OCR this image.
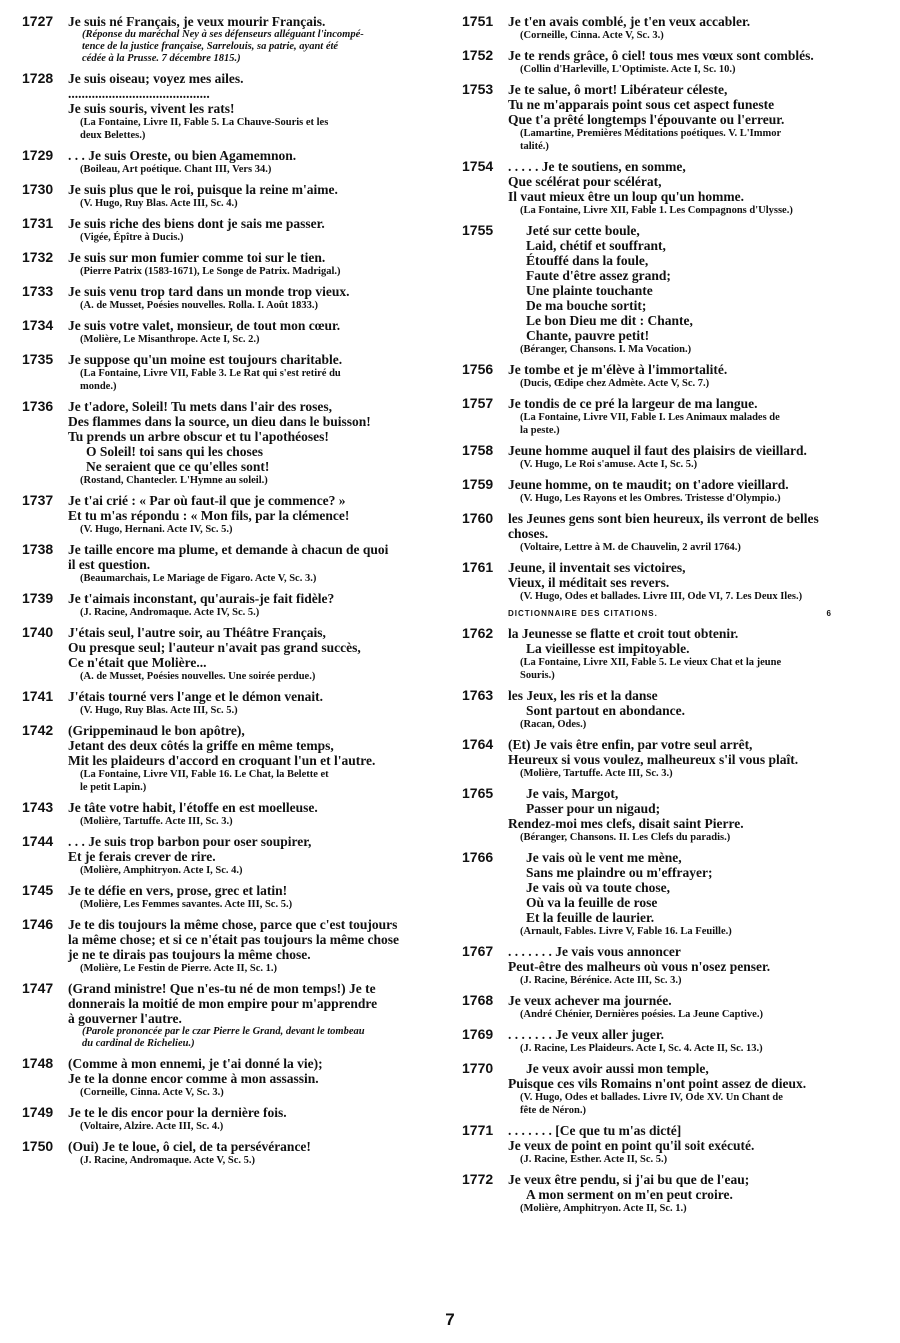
1727	Je suis né Français, je veux mourir Français.
(Réponse du maréchal Ney à ses défenseurs alléguant l'incompé-
tence de la justice française, Sarrelouis, sa patrie, ayant été
cédée à la Prusse. 7 décembre 1815.)
1728	Je suis oiseau; voyez mes ailes.
..........................................
Je suis souris, vivent les rats!
(La Fontaine, Livre II, Fable 5. La Chauve-Souris et les
deux Belettes.)
1729	. . . Je suis Oreste, ou bien Agamemnon.
(Boileau, Art poétique. Chant III, Vers 34.)
1730	Je suis plus que le roi, puisque la reine m'aime.
(V. Hugo, Ruy Blas. Acte III, Sc. 4.)
1731	Je suis riche des biens dont je sais me passer.
(Vigée, Épître à Ducis.)
1732	Je suis sur mon fumier comme toi sur le tien.
(Pierre Patrix (1583-1671), Le Songe de Patrix. Madrigal.)
1733	Je suis venu trop tard dans un monde trop vieux.
(A. de Musset, Poésies nouvelles. Rolla. I. Août 1833.)
1734	Je suis votre valet, monsieur, de tout mon cœur.
(Molière, Le Misanthrope. Acte I, Sc. 2.)
1735	Je suppose qu'un moine est toujours charitable.
(La Fontaine, Livre VII, Fable 3. Le Rat qui s'est retiré du
monde.)
1736	Je t'adore, Soleil! Tu mets dans l'air des roses,
Des flammes dans la source, un dieu dans le buisson!
Tu prends un arbre obscur et tu l'apothéoses!
O Soleil! toi sans qui les choses
Ne seraient que ce qu'elles sont!
(Rostand, Chantecler. L'Hymne au soleil.)
1737	Je t'ai crié : « Par où faut-il que je commence? »
Et tu m'as répondu : « Mon fils, par la clémence!
(V. Hugo, Hernani. Acte IV, Sc. 5.)
1738	Je taille encore ma plume, et demande à chacun de quoi
il est question.
(Beaumarchais, Le Mariage de Figaro. Acte V, Sc. 3.)
1739	Je t'aimais inconstant, qu'aurais-je fait fidèle?
(J. Racine, Andromaque. Acte IV, Sc. 5.)
1740	J'étais seul, l'autre soir, au Théâtre Français,
Ou presque seul; l'auteur n'avait pas grand succès,
Ce n'était que Molière...
(A. de Musset, Poésies nouvelles. Une soirée perdue.)
1741	J'étais tourné vers l'ange et le démon venait.
(V. Hugo, Ruy Blas. Acte III, Sc. 5.)
1742	(Grippeminaud le bon apôtre),
Jetant des deux côtés la griffe en même temps,
Mit les plaideurs d'accord en croquant l'un et l'autre.
(La Fontaine, Livre VII, Fable 16. Le Chat, la Belette et
le petit Lapin.)
1743	Je tâte votre habit, l'étoffe en est moelleuse.
(Molière, Tartuffe. Acte III, Sc. 3.)
1744	. . . Je suis trop barbon pour oser soupirer,
Et je ferais crever de rire.
(Molière, Amphitryon. Acte I, Sc. 4.)
1745	Je te défie en vers, prose, grec et latin!
(Molière, Les Femmes savantes. Acte III, Sc. 5.)
1746	Je te dis toujours la même chose, parce que c'est toujours
la même chose; et si ce n'était pas toujours la même chose
je ne te dirais pas toujours la même chose.
(Molière, Le Festin de Pierre. Acte II, Sc. 1.)
1747	(Grand ministre! Que n'es-tu né de mon temps!) Je te
donnerais la moitié de mon empire pour m'apprendre
à gouverner l'autre.
(Parole prononcée par le czar Pierre le Grand, devant le tombeau
du cardinal de Richelieu.)
1748	(Comme à mon ennemi, je t'ai donné la vie);
Je te la donne encor comme à mon assassin.
(Corneille, Cinna. Acte V, Sc. 3.)
1749	Je te le dis encor pour la dernière fois.
(Voltaire, Alzire. Acte III, Sc. 4.)
1750	(Oui) Je te loue, ô ciel, de ta persévérance!
(J. Racine, Andromaque. Acte V, Sc. 5.)
1751	Je t'en avais comblé, je t'en veux accabler.
(Corneille, Cinna. Acte V, Sc. 3.)
1752	Je te rends grâce, ô ciel! tous mes vœux sont comblés.
(Collin d'Harleville, L'Optimiste. Acte I, Sc. 10.)
1753	Je te salue, ô mort! Libérateur céleste,
Tu ne m'apparais point sous cet aspect funeste
Que t'a prêté longtemps l'épouvante ou l'erreur.
(Lamartine, Premières Méditations poétiques. V. L'Immor
talité.)
1754	. . . . . Je te soutiens, en somme,
Que scélérat pour scélérat,
Il vaut mieux être un loup qu'un homme.
(La Fontaine, Livre XII, Fable 1. Les Compagnons d'Ulysse.)
1755	Jeté sur cette boule,
Laid, chétif et souffrant,
Étouffé dans la foule,
Faute d'être assez grand;
Une plainte touchante
De ma bouche sortit;
Le bon Dieu me dit : Chante,
Chante, pauvre petit!
(Béranger, Chansons. I. Ma Vocation.)
1756	Je tombe et je m'élève à l'immortalité.
(Ducis, Œdipe chez Admète. Acte V, Sc. 7.)
1757	Je tondis de ce pré la largeur de ma langue.
(La Fontaine, Livre VII, Fable I. Les Animaux malades de
la peste.)
1758	Jeune homme auquel il faut des plaisirs de vieillard.
(V. Hugo, Le Roi s'amuse. Acte I, Sc. 5.)
1759	Jeune homme, on te maudit; on t'adore vieillard.
(V. Hugo, Les Rayons et les Ombres. Tristesse d'Olympio.)
1760	les Jeunes gens sont bien heureux, ils verront de belles
choses.
(Voltaire, Lettre à M. de Chauvelin, 2 avril 1764.)
1761	Jeune, il inventait ses victoires,
Vieux, il méditait ses revers.
(V. Hugo, Odes et ballades. Livre III, Ode VI, 7. Les Deux Iles.)
DICTIONNAIRE DES CITATIONS.	6
1762	la Jeunesse se flatte et croit tout obtenir.
La vieillesse est impitoyable.
(La Fontaine, Livre XII, Fable 5. Le vieux Chat et la jeune
Souris.)
1763	les Jeux, les ris et la danse
Sont partout en abondance.
(Racan, Odes.)
1764	(Et) Je vais être enfin, par votre seul arrêt,
Heureux si vous voulez, malheureux s'il vous plaît.
(Molière, Tartuffe. Acte III, Sc. 3.)
1765	Je vais, Margot,
Passer pour un nigaud;
Rendez-moi mes clefs, disait saint Pierre.
(Béranger, Chansons. II. Les Clefs du paradis.)
1766	Je vais où le vent me mène,
Sans me plaindre ou m'effrayer;
Je vais où va toute chose,
Où va la feuille de rose
Et la feuille de laurier.
(Arnault, Fables. Livre V, Fable 16. La Feuille.)
1767	. . . . . . . Je vais vous annoncer
Peut-être des malheurs où vous n'osez penser.
(J. Racine, Bérénice. Acte III, Sc. 3.)
1768	Je veux achever ma journée.
(André Chénier, Dernières poésies. La Jeune Captive.)
1769	. . . . . . . Je veux aller juger.
(J. Racine, Les Plaideurs. Acte I, Sc. 4. Acte II, Sc. 13.)
1770	Je veux avoir aussi mon temple,
Puisque ces vils Romains n'ont point assez de dieux.
(V. Hugo, Odes et ballades. Livre IV, Ode XV. Un Chant de
fête de Néron.)
1771	. . . . . . . [Ce que tu m'as dicté]
Je veux de point en point qu'il soit exécuté.
(J. Racine, Esther. Acte II, Sc. 5.)
1772	Je veux être pendu, si j'ai bu que de l'eau;
A mon serment on m'en peut croire.
(Molière, Amphitryon. Acte II, Sc. 1.)
7
